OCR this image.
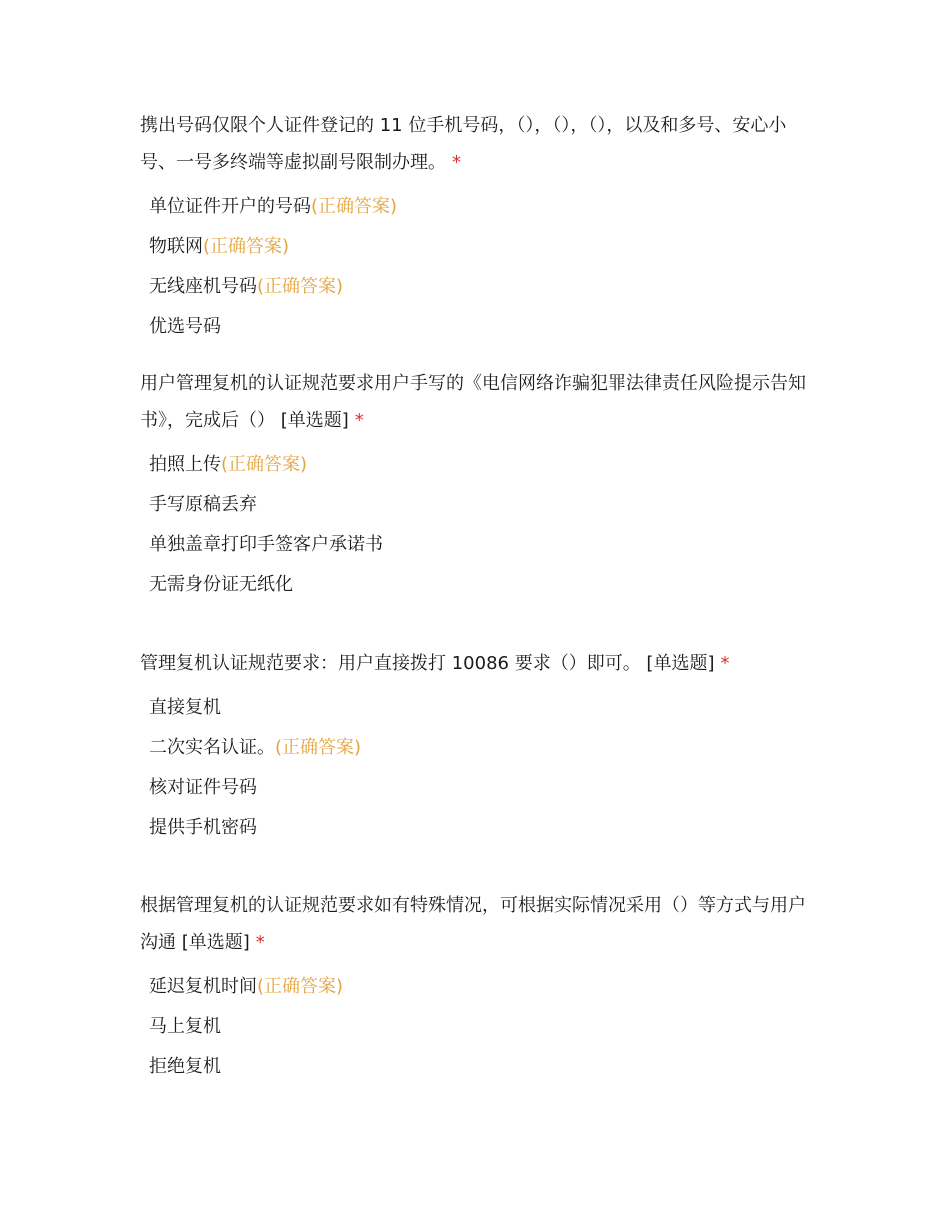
携出号码仅限个人证件登记的 11 位手机号码，（），（），（），以及和多号、安心小号、一号多终端等虚拟副号限制办理。 *

单位证件开户的号码(正确答案)
物联网(正确答案)
无线座机号码(正确答案)
优选号码

用户管理复机的认证规范要求用户手写的《电信网络诈骗犯罪法律责任风险提示告知书》，完成后（） [单选题] *

拍照上传(正确答案)
手写原稿丢弃
单独盖章打印手签客户承诺书
无需身份证无纸化

管理复机认证规范要求：用户直接拨打 10086 要求（）即可。 [单选题] *

直接复机
二次实名认证。(正确答案)
核对证件号码
提供手机密码

根据管理复机的认证规范要求如有特殊情况，可根据实际情况采用（）等方式与用户沟通 [单选题] *

延迟复机时间(正确答案)
马上复机
拒绝复机
